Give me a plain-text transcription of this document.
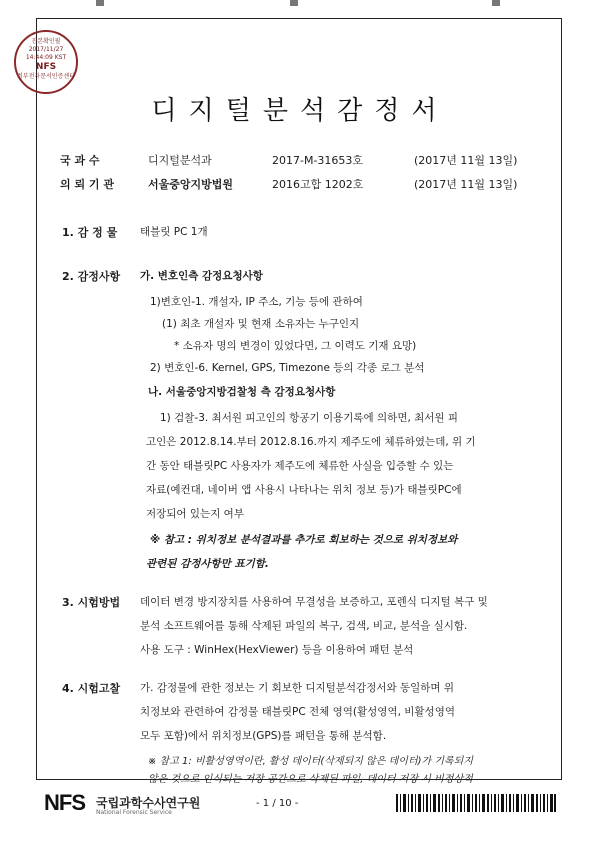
진본확인필
2017/11/27
14:44:09 KST
NFS
정부전자문서인증센터
디지털분석감정서
국 과 수	디지털분석과	2017-M-31653호	(2017년 11월 13일)
의 뢰 기 관	서울중앙지방법원	2016고합 1202호	(2017년 11월 13일)
1. 감 정 물 태블릿 PC 1개
2. 감정사항 가. 변호인측 감정요청사항
1)변호인-1. 개설자, IP 주소, 기능 등에 관하여
(1) 최초 개설자 및 현재 소유자는 누구인지
* 소유자 명의 변경이 있었다면, 그 이력도 기재 요망)
2) 변호인-6. Kernel, GPS, Timezone 등의 각종 로그 분석
나. 서울중앙지방검찰청 측 감정요청사항
1) 검찰-3. 최서원 피고인의 항공기 이용기록에 의하면, 최서원 피
고인은 2012.8.14.부터 2012.8.16.까지 제주도에 체류하였는데, 위 기
간 동안 태블릿PC 사용자가 제주도에 체류한 사실을 입증할 수 있는
자료(예컨대, 네이버 앱 사용시 나타나는 위치 정보 등)가 태블릿PC에
저장되어 있는지 여부
※ 참고 : 위치정보 분석결과를 추가로 회보하는 것으로 위치정보와
관련된 감정사항만 표기함.
3. 시험방법 데이터 변경 방지장치를 사용하여 무결성을 보증하고, 포렌식 디지털 복구 및
분석 소프트웨어를 통해 삭제된 파일의 복구, 검색, 비교, 분석을 실시함.
사용 도구 : WinHex(HexViewer) 등을 이용하여 패턴 분석
4. 시험고찰 가. 감정물에 관한 정보는 기 회보한 디지털분석감정서와 동일하며 위
치정보와 관련하여 감정물 태블릿PC 전체 영역(활성영역, 비활성영역
모두 포함)에서 위치정보(GPS)를 패턴을 통해 분석함.
※ 참고 1: 비활성영역이란, 활성 데이터(삭제되지 않은 데이터)가 기록되지
않은 것으로 인식되는 저장 공간으로 삭제된 파일, 데이터 저장 시 비정상적
NFS 국립과학수사연구원
National Forensic Service
- 1 / 10 -
